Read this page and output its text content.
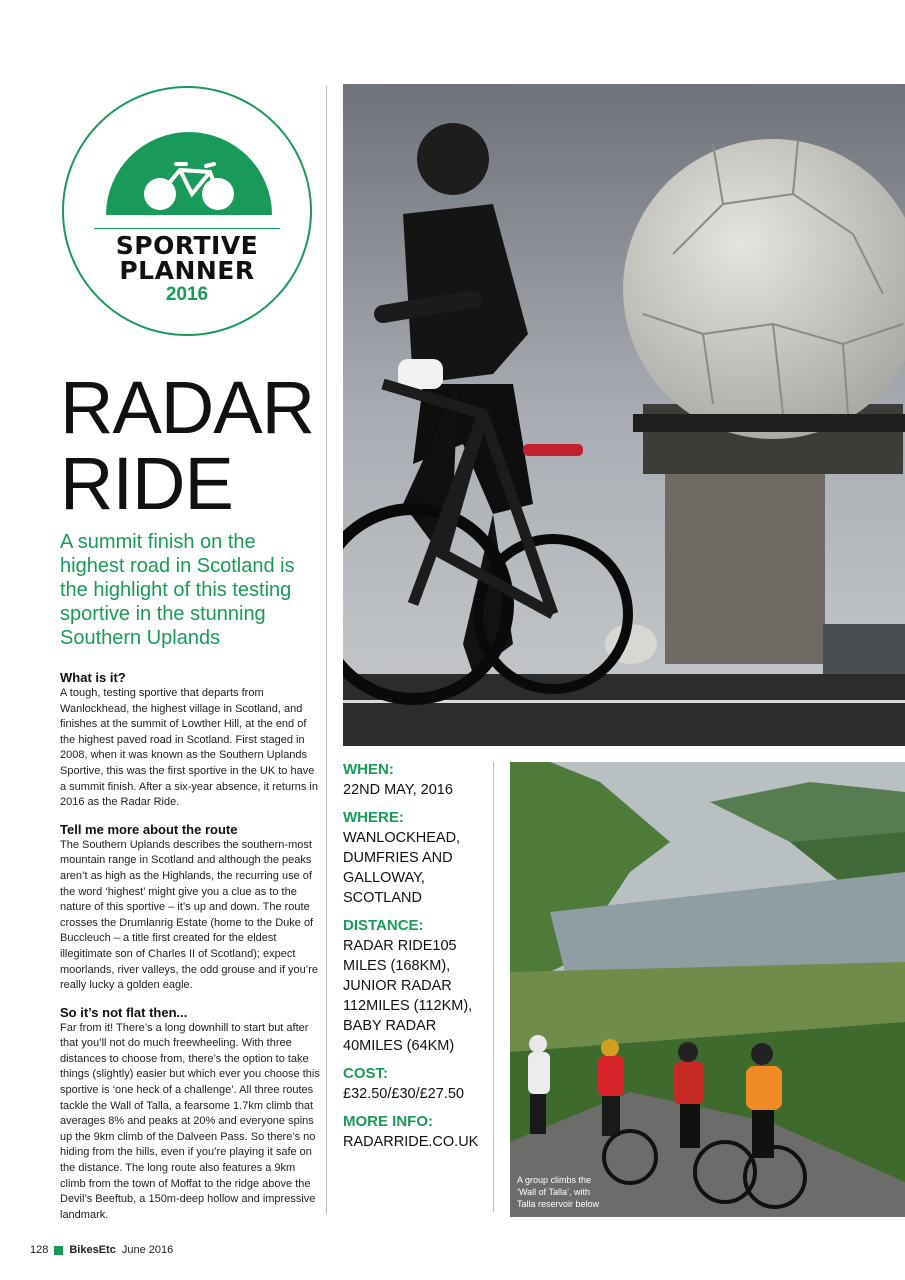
SPORTIVE
PLANNER
2016
RADAR
RIDE
A summit finish on the highest road in Scotland is the highlight of this testing sportive in the stunning Southern Uplands
What is it?

A tough, testing sportive that departs from Wanlockhead, the highest village in Scotland, and finishes at the summit of Lowther Hill, at the end of the highest paved road in Scotland. First staged in 2008, when it was known as the Southern Uplands Sportive, this was the first sportive in the UK to have a summit finish. After a six-year absence, it returns in 2016 as the Radar Ride.

Tell me more about the route

The Southern Uplands describes the southern-most mountain range in Scotland and although the peaks aren’t as high as the Highlands, the recurring use of the word ‘highest’ might give you a clue as to the nature of this sportive – it’s up and down. The route crosses the Drumlanrig Estate (home to the Duke of Buccleuch – a title first created for the eldest illegitimate son of Charles II of Scotland); expect moorlands, river valleys, the odd grouse and if you’re really lucky a golden eagle.

So it’s not flat then...

Far from it! There’s a long downhill to start but after that you’ll not do much freewheeling. With three distances to choose from, there’s the option to take things (slightly) easier but which ever you choose this sportive is ‘one heck of a challenge’. All three routes tackle the Wall of Talla, a fearsome 1.7km climb that averages 8% and peaks at 20% and everyone spins up the 9km climb of the Dalveen Pass. So there’s no hiding from the hills, even if you’re playing it safe on the distance. The long route also features a 9km climb from the town of Moffat to the ridge above the Devil’s Beeftub, a 150m-deep hollow and impressive landmark.

WHEN:
22ND MAY, 2016
WHERE:
WANLOCKHEAD,
DUMFRIES AND
GALLOWAY,
SCOTLAND
DISTANCE:
RADAR RIDE105
MILES (168KM),
JUNIOR RADAR
112MILES (112KM),
BABY RADAR
40MILES (64KM)
COST:
£32.50/£30/£27.50
MORE INFO:
RADARRIDE.CO.UK
A group climbs the ‘Wall of Talla’, with Talla reservoir below
128 BikesEtc June 2016
